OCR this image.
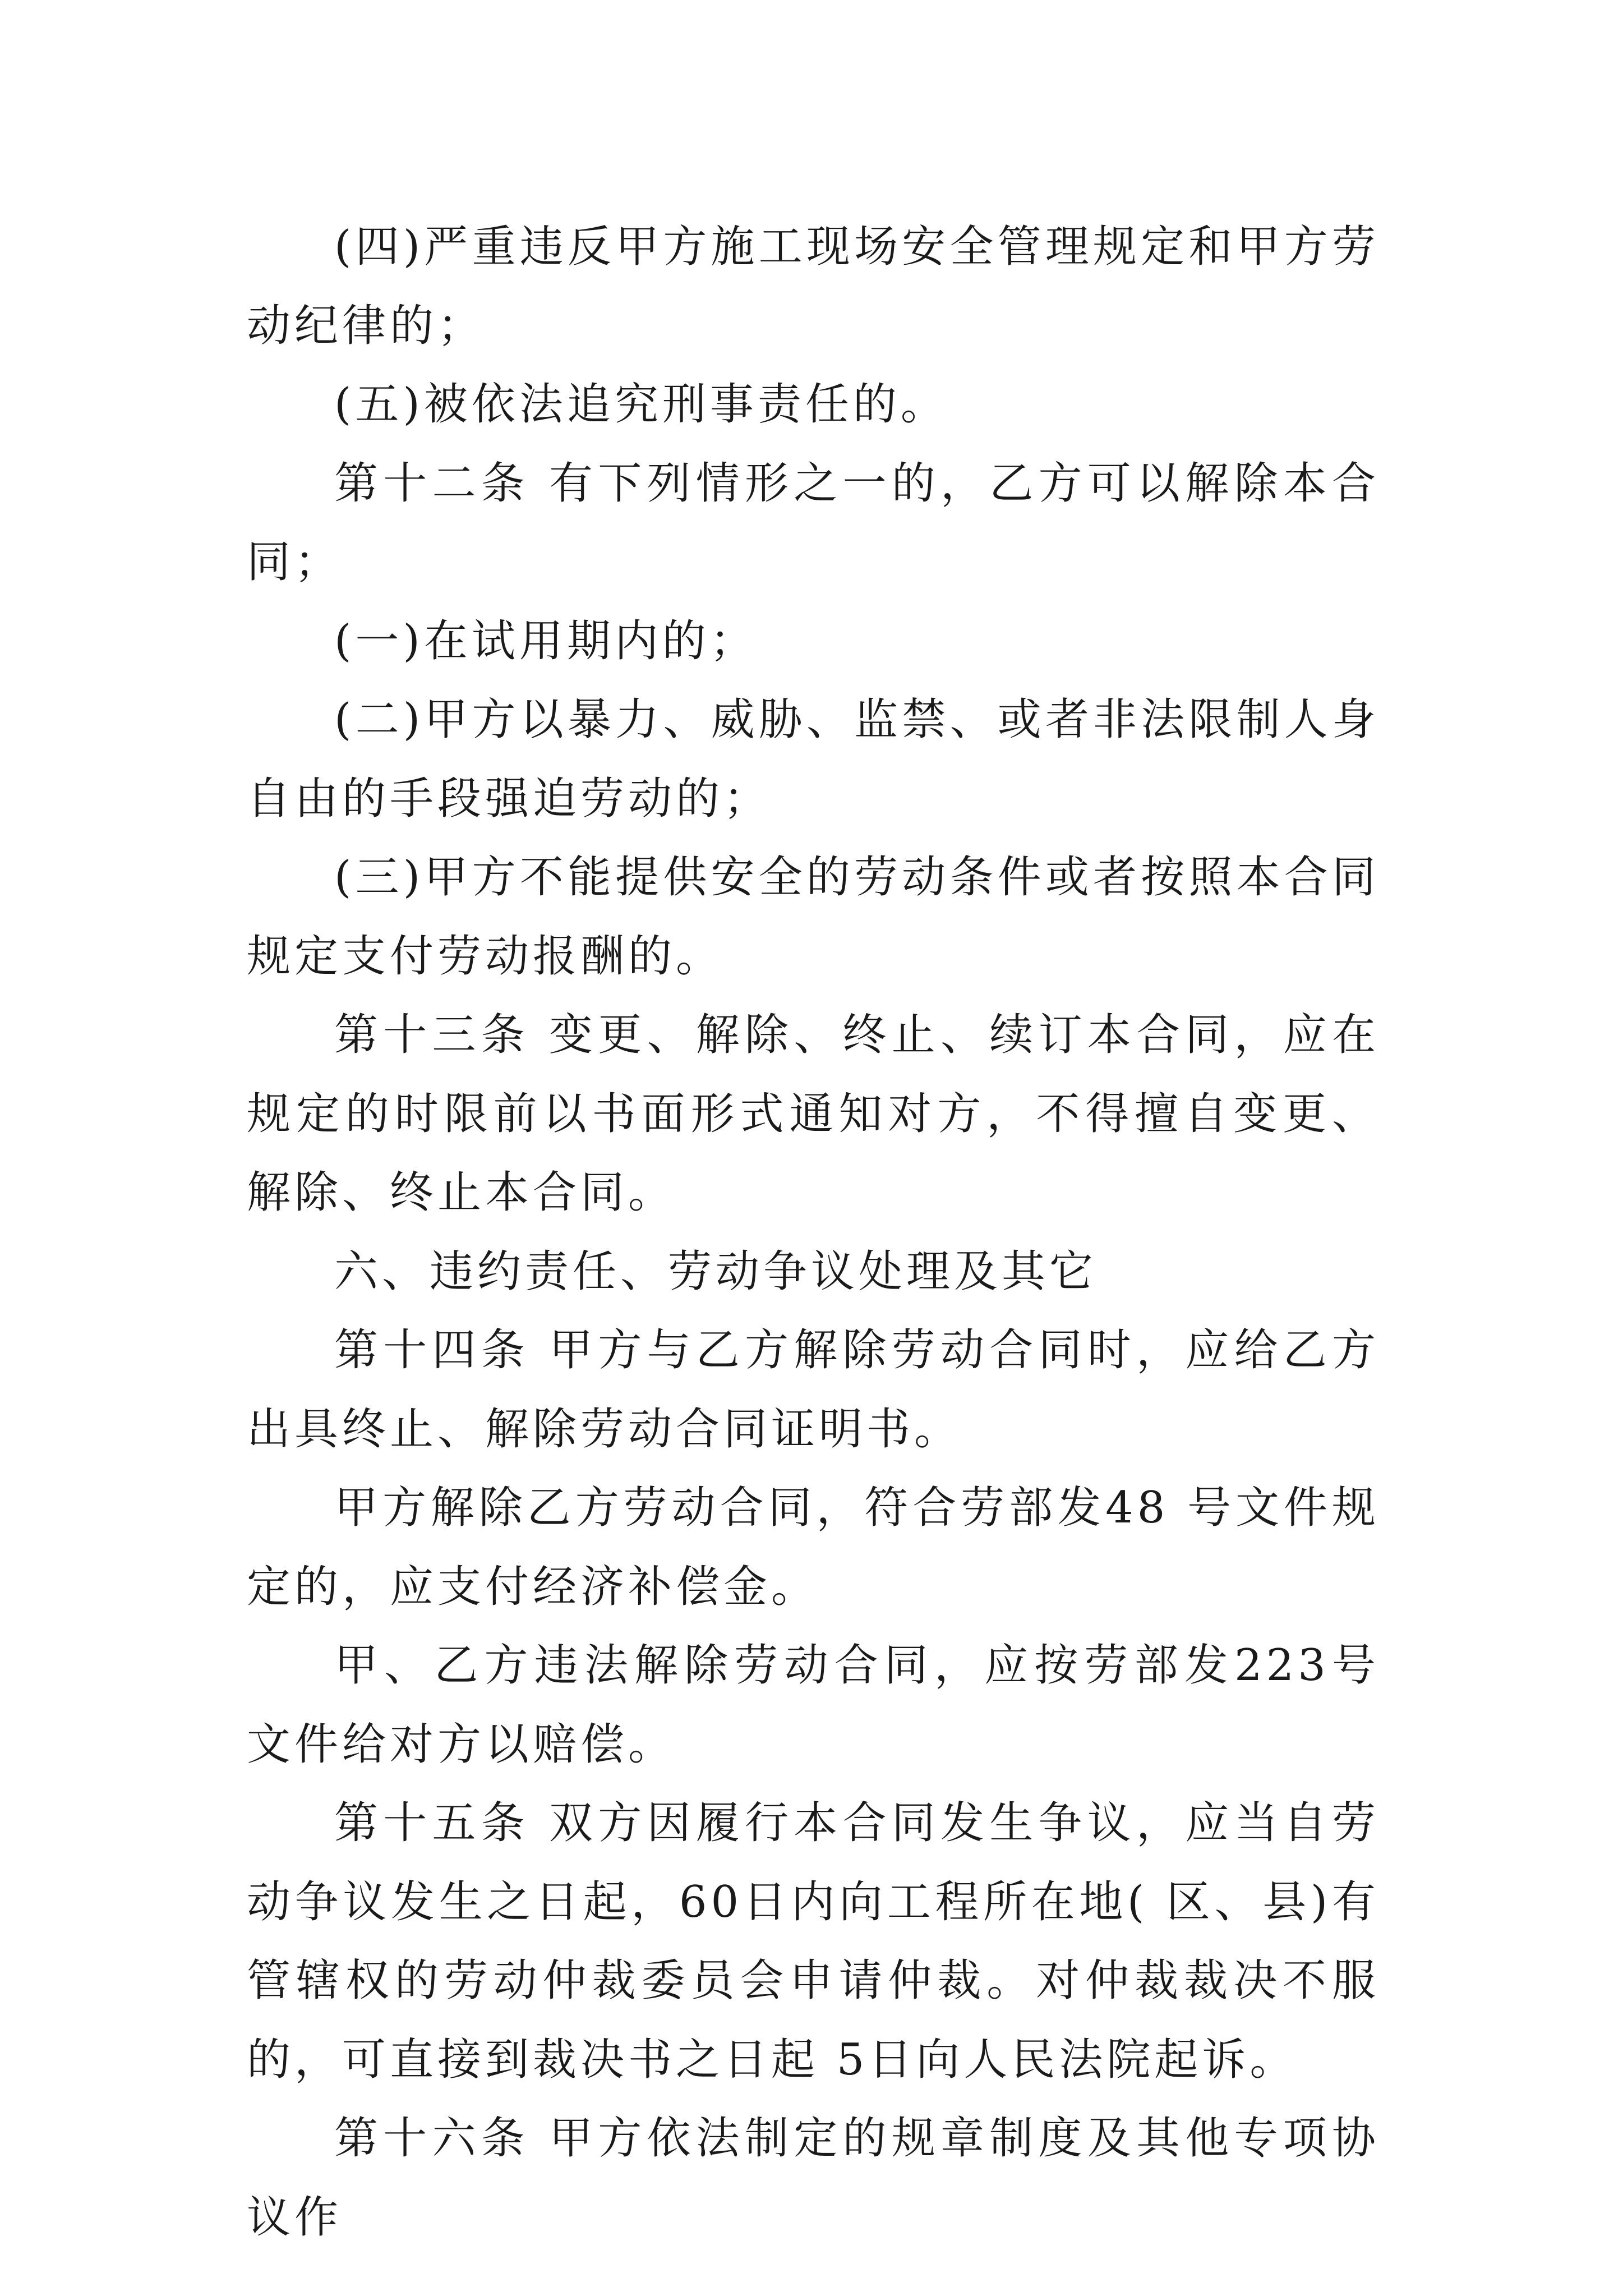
(四)严重违反甲方施工现场安全管理规定和甲方劳动纪律的；

(五)被依法追究刑事责任的。

第十二条 有下列情形之一的，乙方可以解除本合同；

(一)在试用期内的；

(二)甲方以暴力、威胁、监禁、或者非法限制人身自由的手段强迫劳动的；

(三)甲方不能提供安全的劳动条件或者按照本合同规定支付劳动报酬的。

第十三条 变更、解除、终止、续订本合同，应在规定的时限前以书面形式通知对方，不得擅自变更、解除、终止本合同。

六、违约责任、劳动争议处理及其它

第十四条 甲方与乙方解除劳动合同时，应给乙方出具终止、解除劳动合同证明书。

甲方解除乙方劳动合同，符合劳部发48 号文件规定的，应支付经济补偿金。

甲、乙方违法解除劳动合同，应按劳部发223号文件给对方以赔偿。

第十五条 双方因履行本合同发生争议，应当自劳动争议发生之日起，60日内向工程所在地( 区、县)有管辖权的劳动仲裁委员会申请仲裁。对仲裁裁决不服的，可直接到裁决书之日起 5日向人民法院起诉。

第十六条 甲方依法制定的规章制度及其他专项协议作
